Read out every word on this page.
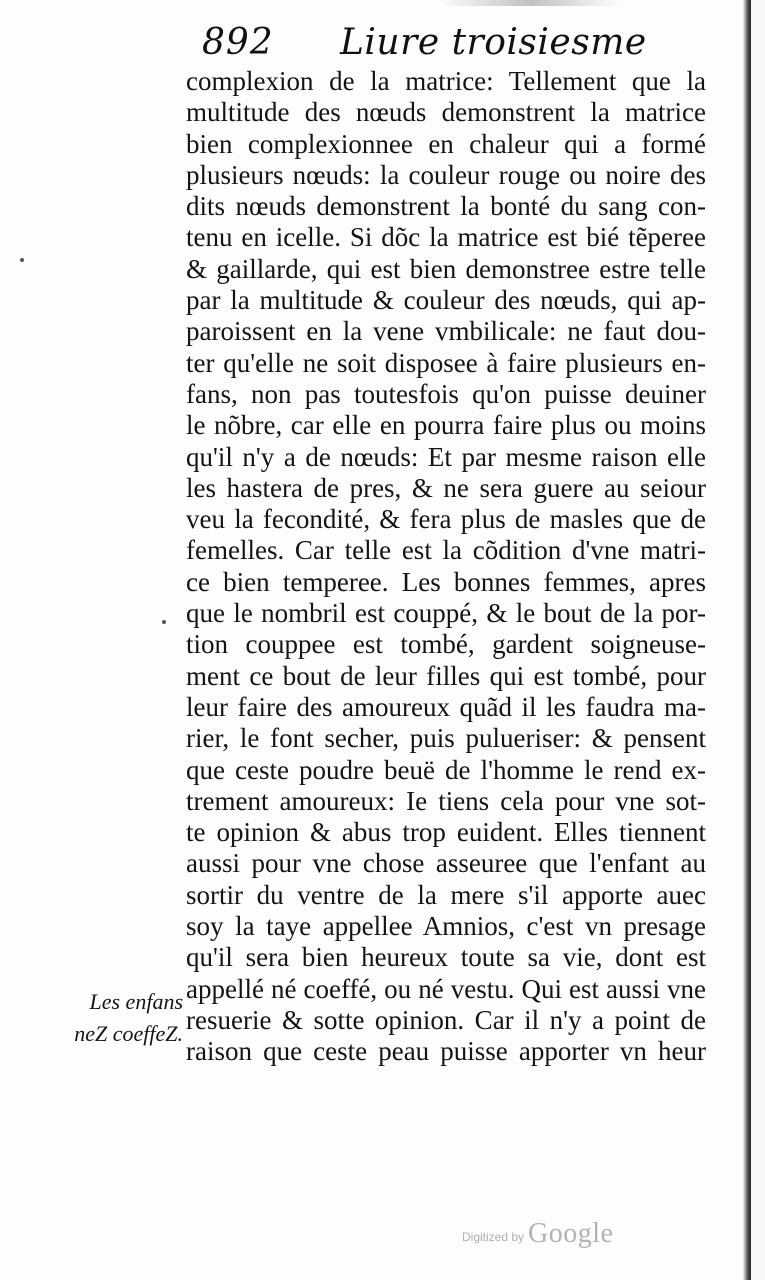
892 Liure troisiesme
complexion de la matrice: Tellement que la
multitude des nœuds demonstrent la matrice
bien complexionnee en chaleur qui a formé
plusieurs nœuds: la couleur rouge ou noire des
dits nœuds demonstrent la bonté du sang con-
tenu en icelle. Si dõc la matrice est bié tẽperee
& gaillarde, qui est bien demonstree estre telle
par la multitude & couleur des nœuds, qui ap-
paroissent en la vene vmbilicale: ne faut dou-
ter qu'elle ne soit disposee à faire plusieurs en-
fans, non pas toutesfois qu'on puisse deuiner
le nõbre, car elle en pourra faire plus ou moins
qu'il n'y a de nœuds: Et par mesme raison elle
les hastera de pres, & ne sera guere au seiour
veu la fecondité, & fera plus de masles que de
femelles. Car telle est la cõdition d'vne matri-
ce bien temperee. Les bonnes femmes, apres
que le nombril est couppé, & le bout de la por-
tion couppee est tombé, gardent soigneuse-
ment ce bout de leur filles qui est tombé, pour
leur faire des amoureux quãd il les faudra ma-
rier, le font secher, puis pulueriser: & pensent
que ceste poudre beuë de l'homme le rend ex-
trement amoureux: Ie tiens cela pour vne sot-
te opinion & abus trop euident. Elles tiennent
aussi pour vne chose asseuree que l'enfant au
sortir du ventre de la mere s'il apporte auec
soy la taye appellee Amnios, c'est vn presage
qu'il sera bien heureux toute sa vie, dont est
appellé né coeffé, ou né vestu. Qui est aussi vne
resuerie & sotte opinion. Car il n'y a point de
raison que ceste peau puisse apporter vn heur
Les enfans
neZ coeffeZ.
Digitized by Google
